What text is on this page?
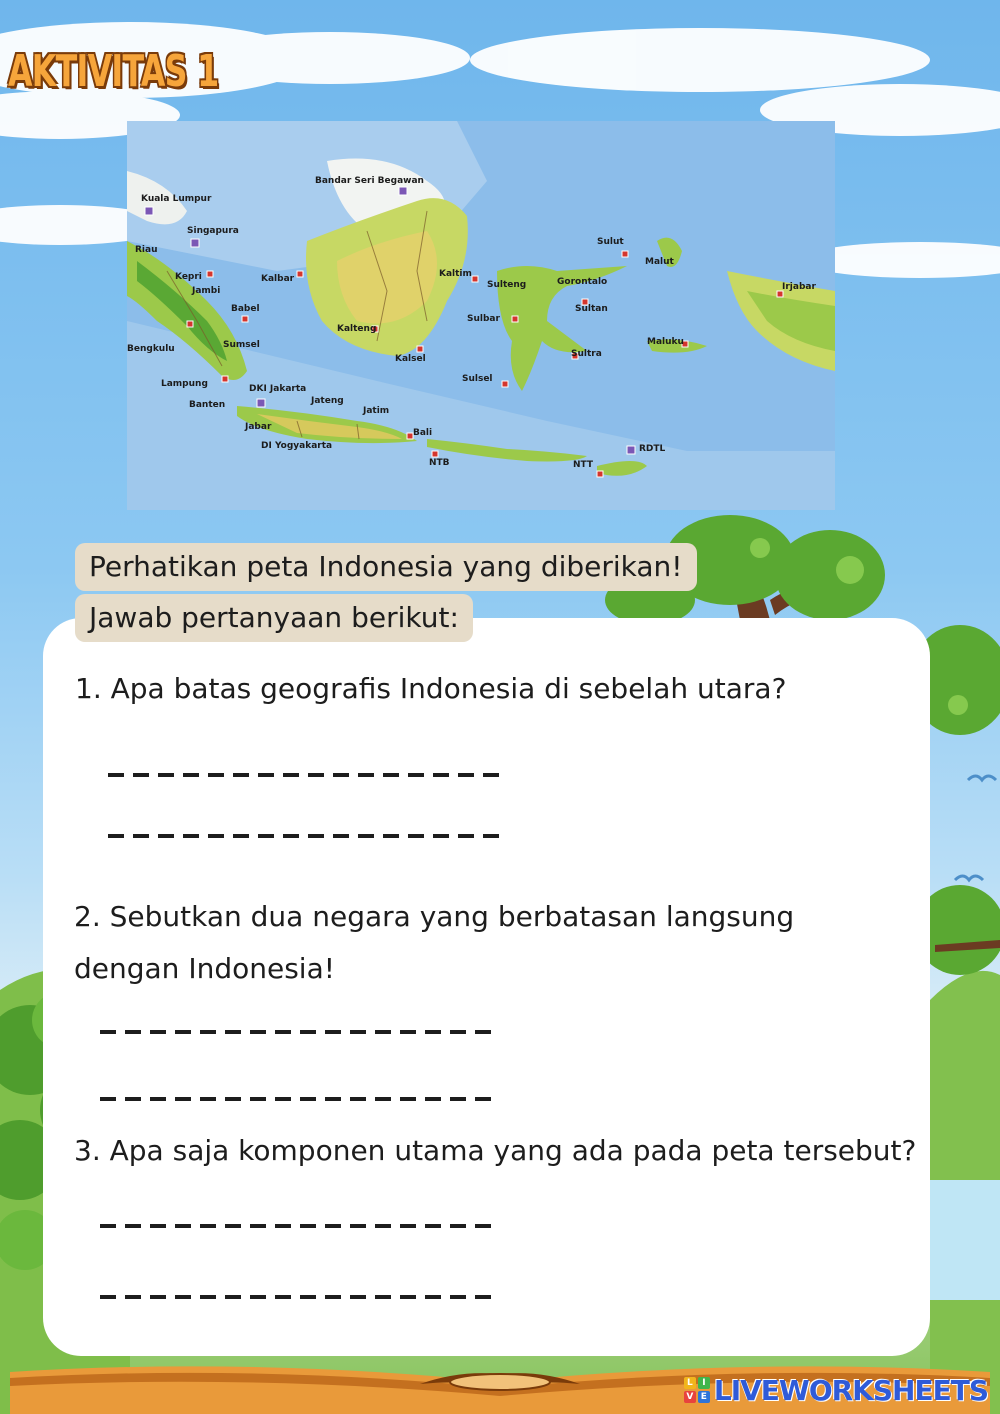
AKTIVITAS 1
Bandar Seri Begawan
Kuala Lumpur
Singapura
Riau
Kepri
Jambi
Kalbar
Babel
Sumsel
Kalteng
Kalsel
Kaltim
Sulut
Malut
Sulteng	Gorontalo
Sulbar
Sultan
Sulsel
Sultra
Maluku
Irjabar
Lampung
Banten
DKI Jakarta
Jateng
Jatim
Jabar
DI Yogyakarta
Bali
NTB	NTT
Bengkulu
RDTL
Perhatikan peta Indonesia yang diberikan!
Jawab pertanyaan berikut:
1. Apa batas geografis Indonesia di sebelah utara?
2. Sebutkan dua negara yang berbatasan langsung
dengan Indonesia!
3. Apa saja komponen utama yang ada pada peta tersebut?
L	I
V E LIVEWORKSHEETS
